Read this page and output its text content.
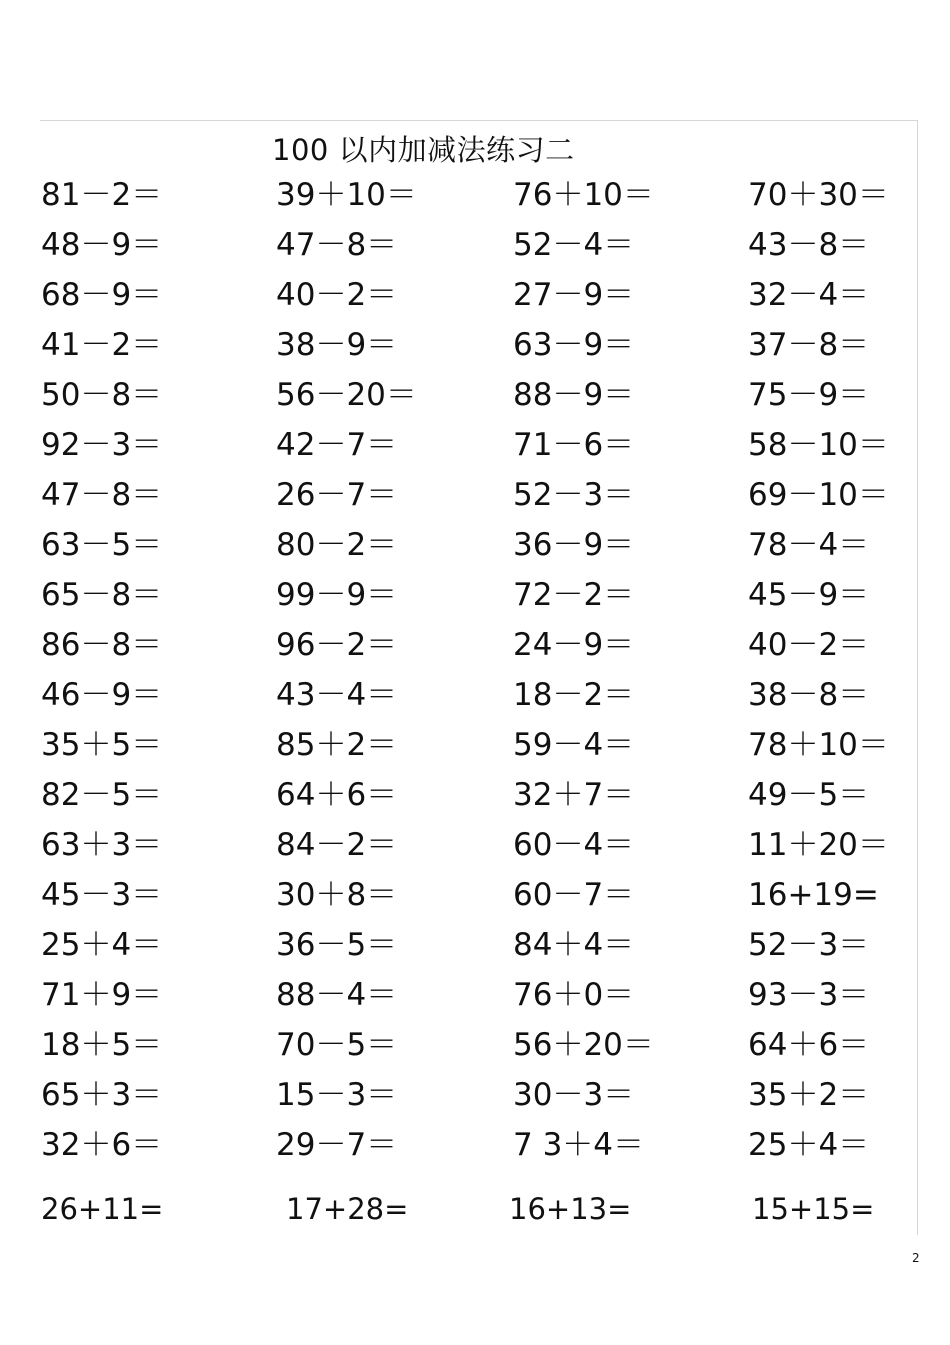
100 以内加减法练习二
81－2＝	39＋10＝	76＋10＝	70＋30＝
48－9＝	47－8＝	52－4＝	43－8＝
68－9＝	40－2＝	27－9＝	32－4＝
41－2＝	38－9＝	63－9＝	37－8＝
50－8＝	56－20＝	88－9＝	75－9＝
92－3＝	42－7＝	71－6＝	58－10＝
47－8＝	26－7＝	52－3＝	69－10＝
63－5＝	80－2＝	36－9＝	78－4＝
65－8＝	99－9＝	72－2＝	45－9＝
86－8＝	96－2＝	24－9＝	40－2＝
46－9＝	43－4＝	18－2＝	38－8＝
35＋5＝	85＋2＝	59－4＝	78＋10＝
82－5＝	64＋6＝	32＋7＝	49－5＝
63＋3＝	84－2＝	60－4＝	11＋20＝
45－3＝	30＋8＝	60－7＝	16+19=
25＋4＝	36－5＝	84＋4＝	52－3＝
71＋9＝	88－4＝	76＋0＝	93－3＝
18＋5＝	70－5＝	56＋20＝	64＋6＝
65＋3＝	15－3＝	30－3＝	35＋2＝
32＋6＝	29－7＝	7 3＋4＝	25＋4＝
26+11=	17+28=	16+13=	15+15=
2
